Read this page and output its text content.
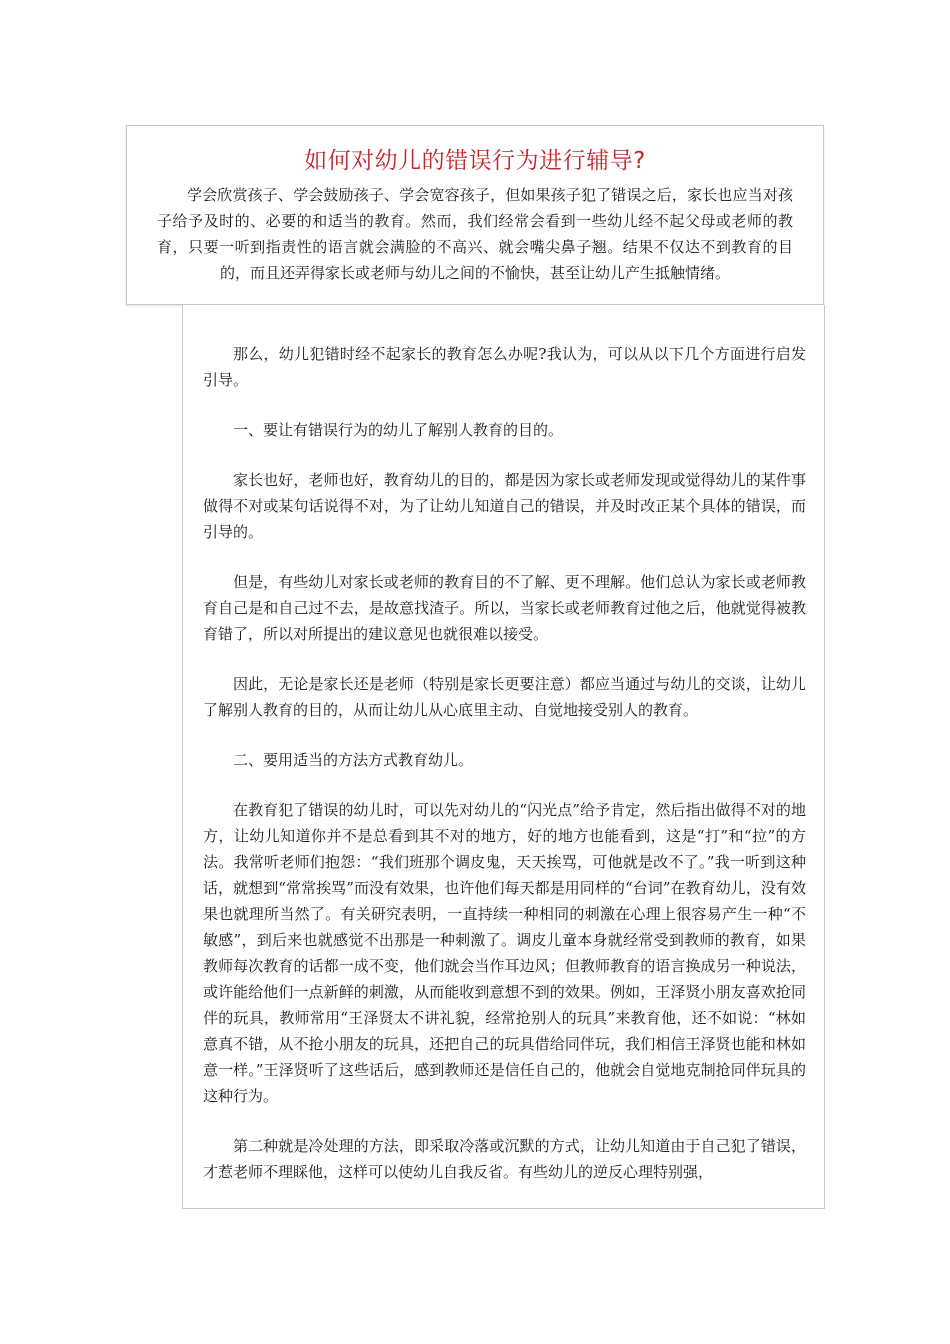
如何对幼儿的错误行为进行辅导?

学会欣赏孩子、学会鼓励孩子、学会宽容孩子，但如果孩子犯了错误之后，家长也应当对孩子给予及时的、必要的和适当的教育。然而，我们经常会看到一些幼儿经不起父母或老师的教育，只要一听到指责性的语言就会满脸的不高兴、就会嘴尖鼻子翘。结果不仅达不到教育的目的，而且还弄得家长或老师与幼儿之间的不愉快，甚至让幼儿产生抵触情绪。

那么，幼儿犯错时经不起家长的教育怎么办呢?我认为，可以从以下几个方面进行启发引导。

一、要让有错误行为的幼儿了解别人教育的目的。

家长也好，老师也好，教育幼儿的目的，都是因为家长或老师发现或觉得幼儿的某件事做得不对或某句话说得不对，为了让幼儿知道自己的错误，并及时改正某个具体的错误，而引导的。

但是，有些幼儿对家长或老师的教育目的不了解、更不理解。他们总认为家长或老师教育自己是和自己过不去，是故意找渣子。所以，当家长或老师教育过他之后，他就觉得被教育错了，所以对所提出的建议意见也就很难以接受。

因此，无论是家长还是老师（特别是家长更要注意）都应当通过与幼儿的交谈，让幼儿了解别人教育的目的，从而让幼儿从心底里主动、自觉地接受别人的教育。

二、要用适当的方法方式教育幼儿。

在教育犯了错误的幼儿时，可以先对幼儿的“闪光点”给予肯定，然后指出做得不对的地方，让幼儿知道你并不是总看到其不对的地方，好的地方也能看到，这是“打”和“拉”的方法。我常听老师们抱怨：“我们班那个调皮鬼，天天挨骂，可他就是改不了。”我一听到这种话，就想到“常常挨骂”而没有效果，也许他们每天都是用同样的“台词”在教育幼儿，没有效果也就理所当然了。有关研究表明，一直持续一种相同的刺激在心理上很容易产生一种“不敏感”，到后来也就感觉不出那是一种刺激了。调皮儿童本身就经常受到教师的教育，如果教师每次教育的话都一成不变，他们就会当作耳边风；但教师教育的语言换成另一种说法，或许能给他们一点新鲜的刺激，从而能收到意想不到的效果。例如，王泽贤小朋友喜欢抢同伴的玩具，教师常用“王泽贤太不讲礼貌，经常抢别人的玩具”来教育他，还不如说：“林如意真不错，从不抢小朋友的玩具，还把自己的玩具借给同伴玩，我们相信王泽贤也能和林如意一样。”王泽贤听了这些话后，感到教师还是信任自己的，他就会自觉地克制抢同伴玩具的这种行为。

第二种就是冷处理的方法，即采取冷落或沉默的方式，让幼儿知道由于自己犯了错误，才惹老师不理睬他，这样可以使幼儿自我反省。有些幼儿的逆反心理特别强，
